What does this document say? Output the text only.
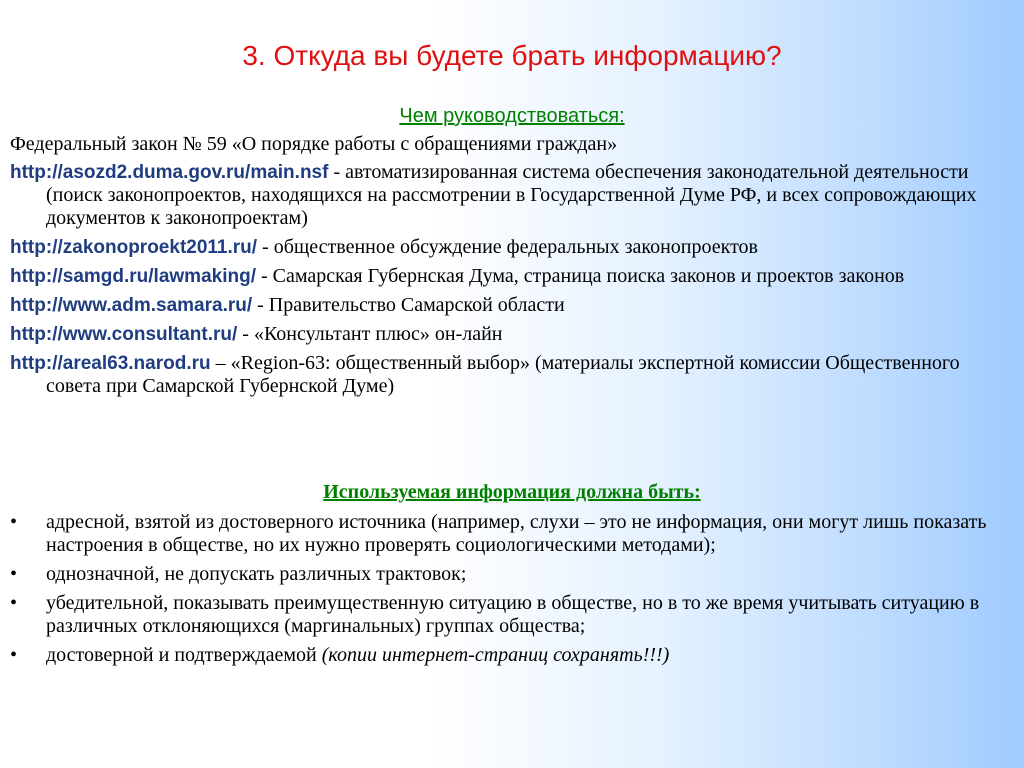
3. Откуда вы будете брать информацию?
Чем руководствоваться:
Федеральный закон № 59 «О порядке работы с обращениями граждан»
http://asozd2.duma.gov.ru/main.nsf - автоматизированная система обеспечения законодательной деятельности (поиск законопроектов, находящихся на рассмотрении в Государственной Думе РФ, и всех сопровождающих документов к законопроектам)
http://zakonoproekt2011.ru/ - общественное обсуждение федеральных законопроектов
http://samgd.ru/lawmaking/ - Самарская Губернская Дума, страница поиска законов и проектов законов
http://www.adm.samara.ru/ - Правительство Самарской области
http://www.consultant.ru/ - «Консультант плюс» он-лайн
http://areal63.narod.ru – «Region-63: общественный выбор» (материалы экспертной комиссии Общественного совета при Самарской Губернской Думе)
Используемая информация должна быть:
• адресной, взятой из достоверного источника (например, слухи – это не информация, они могут лишь показать настроения в обществе, но их нужно проверять социологическими методами);
• однозначной, не допускать различных трактовок;
• убедительной, показывать преимущественную ситуацию в обществе, но в то же время учитывать ситуацию в различных отклоняющихся (маргинальных) группах общества;
• достоверной и подтверждаемой (копии интернет-страниц сохранять!!!)
